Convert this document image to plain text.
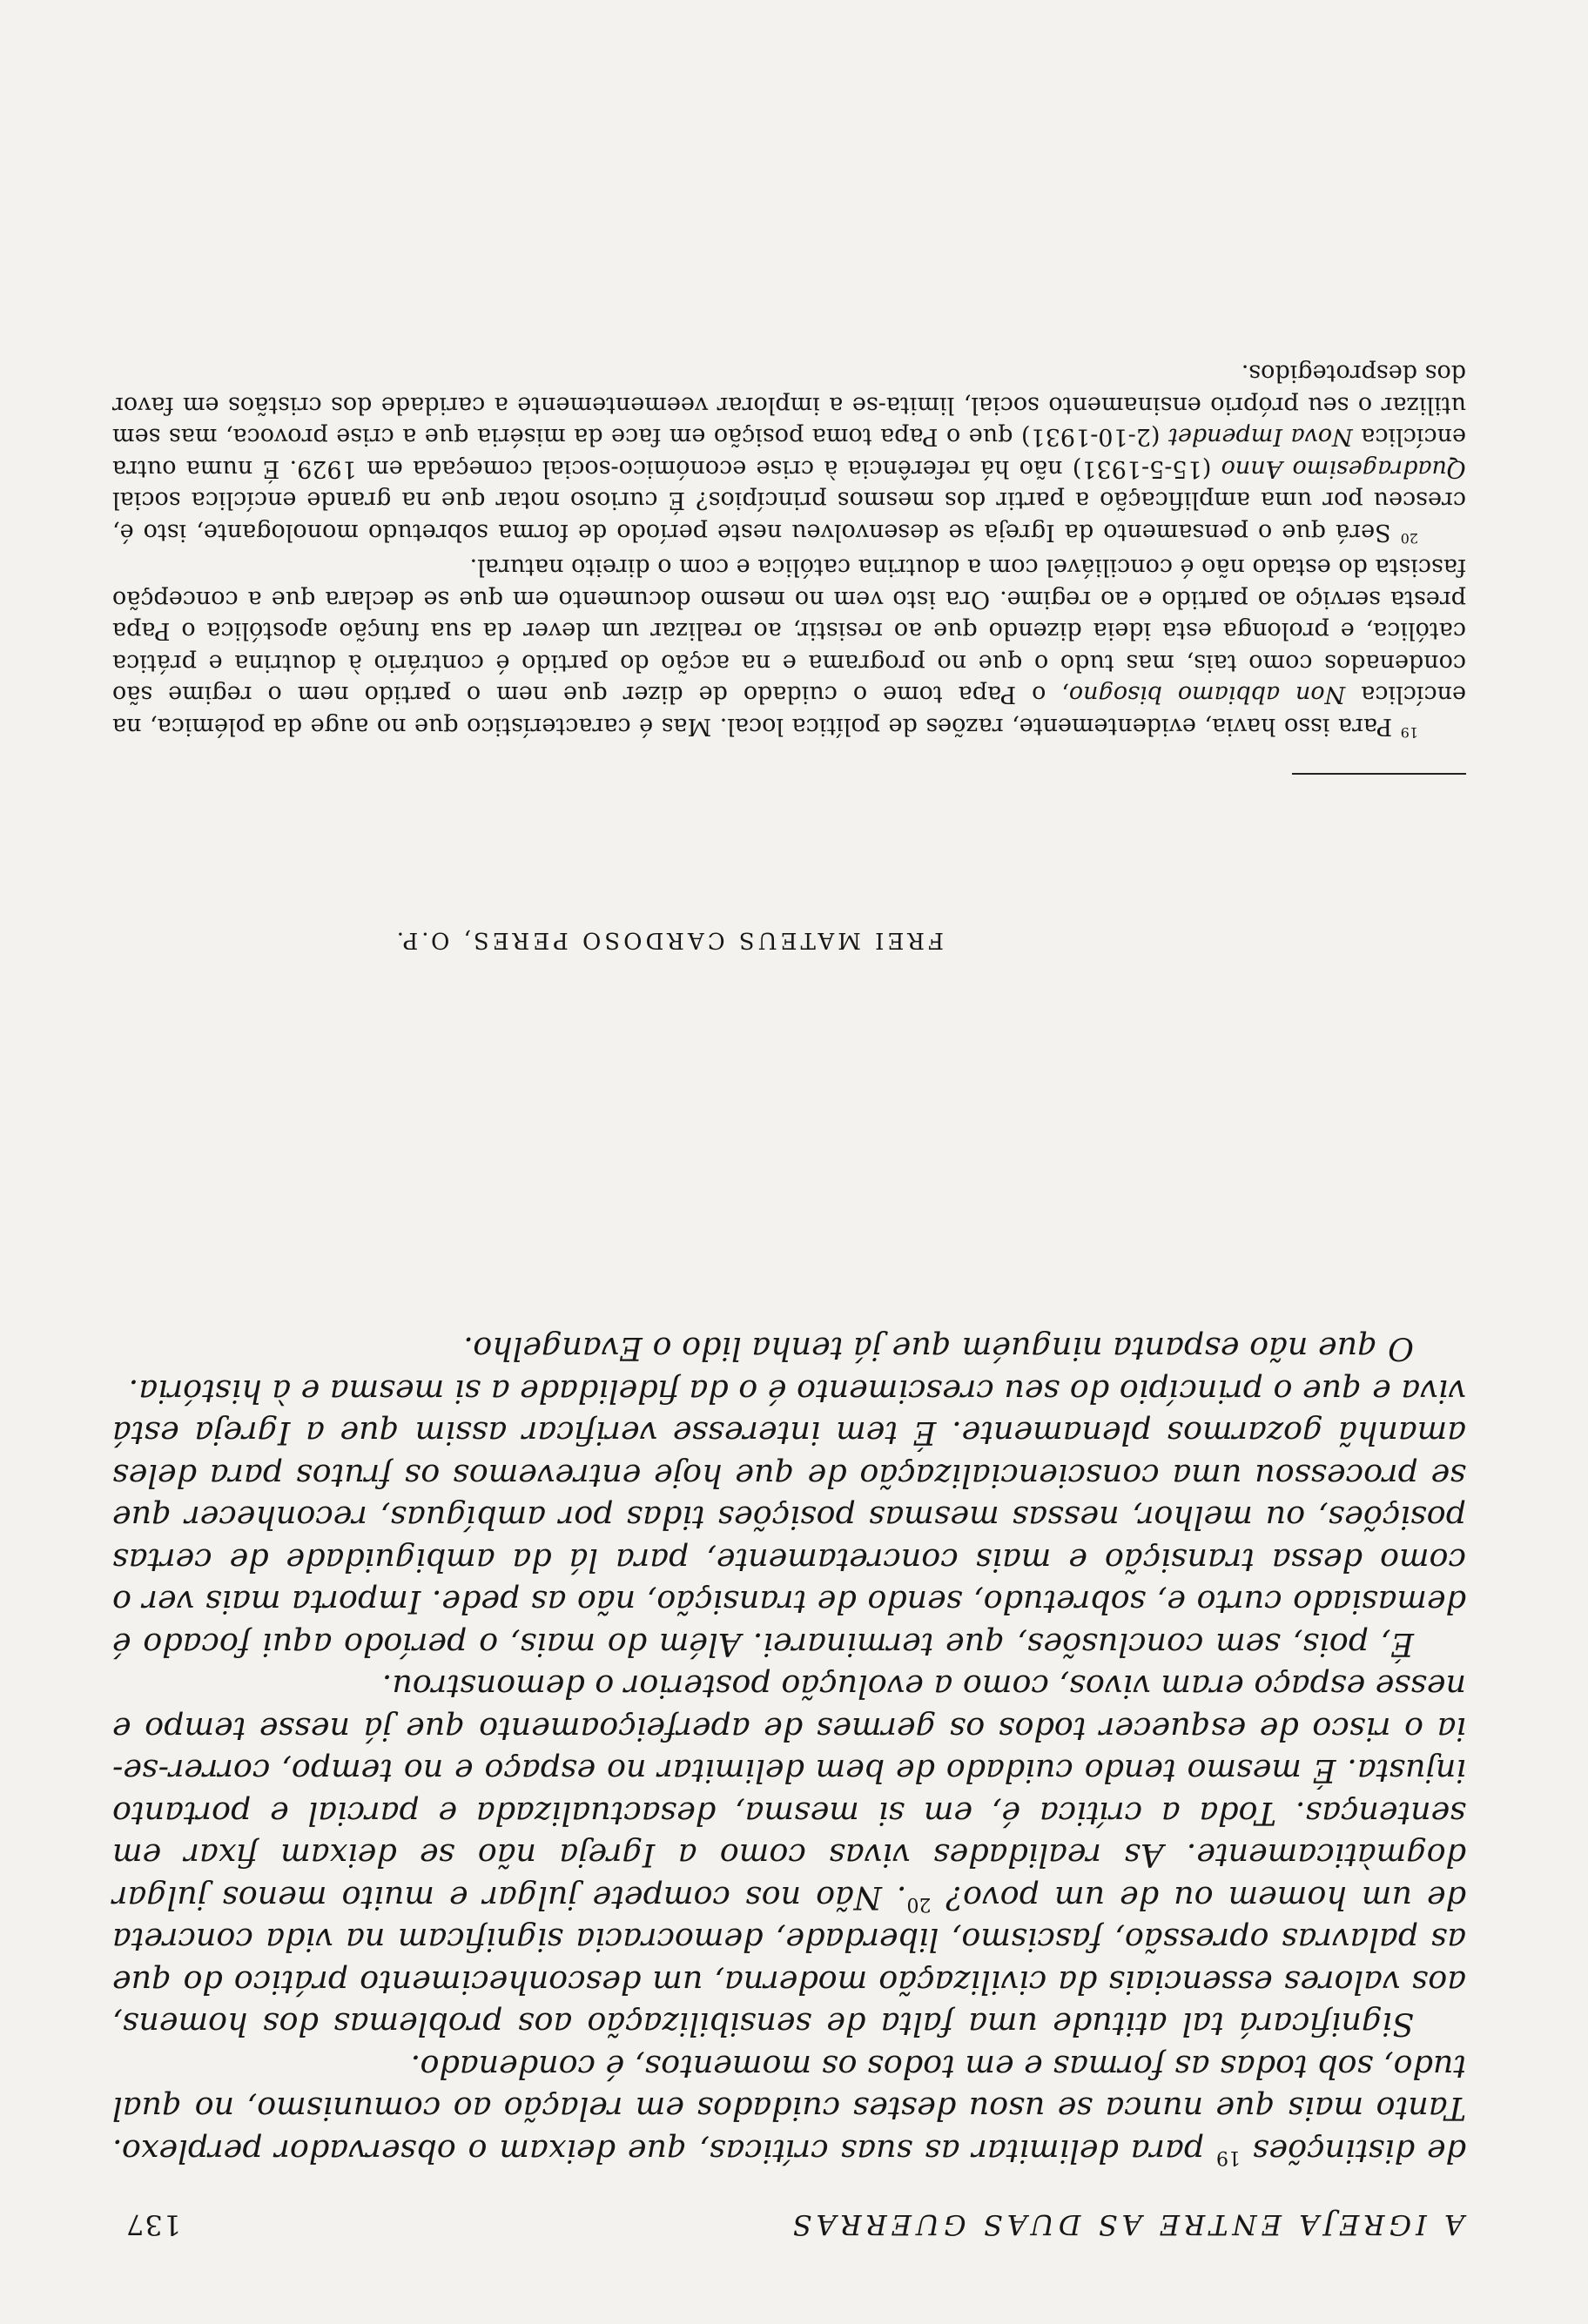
A IGREJA ENTRE AS DUAS GUERRAS
137

de distinções $^{19}$ para delimitar as suas críticas, que deixam o observador perplexo. Tanto mais que nunca se usou destes cuidados em relação ao comunismo, no qual tudo, sob todas as formas e em todos os momentos, é condenado.

Significará tal atitude uma falta de sensibilização aos problemas dos homens, aos valores essenciais da civilização moderna, um desconhecimento prático do que as palavras opressão, fascismo, liberdade, democracia significam na vida concreta de um homem ou de um povo? $^{20}$. Não nos compete julgar e muito menos julgar dogmàticamente. As realidades vivas como a Igreja não se deixam fixar em sentenças. Toda a crítica é, em si mesma, desactualizada e parcial e portanto injusta. É mesmo tendo cuidado de bem delimitar no espaço e no tempo, correr-se-ia o risco de esquecer todos os germes de aperfeiçoamento que já nesse tempo e nesse espaço eram vivos, como a evolução posterior o demonstrou.

É, pois, sem conclusões, que terminarei. Além do mais, o período aqui focado é demasiado curto e, sobretudo, sendo de transição, não as pede. Importa mais ver o como dessa transição e mais concretamente, para lá da ambiguidade de certas posições, ou melhor, nessas mesmas posições tidas por ambíguas, reconhecer que se processou uma consciencialização de que hoje entrevemos os frutos para deles amanhã gozarmos plenamente. É tem interesse verificar assim que a Igreja está viva e que o princípio do seu crescimento é o da fidelidade a si mesma e à história.

O que não espanta ninguém que já tenha lido o Evangelho.

FREI MATEUS CARDOSO PERES, O.P.

$^{19}$ Para isso havia, evidentemente, razões de política local. Mas é característico que no auge da polémica, na encíclica Non abbiamo bisogno, o Papa tome o cuidado de dizer que nem o partido nem o regime são condenados como tais, mas tudo o que no programa e na acção do partido é contrário à doutrina e prática católica, e prolonga esta ideia dizendo que ao resistir, ao realizar um dever da sua função apostólica o Papa presta serviço ao partido e ao regime. Ora isto vem no mesmo documento em que se declara que a concepção fascista do estado não é conciliável com a doutrina católica e com o direito natural.

$^{20}$ Será que o pensamento da Igreja se desenvolveu neste período de forma sobretudo monologante, isto é, cresceu por uma amplificação a partir dos mesmos princípios? É curioso notar que na grande encíclica social Quadragesimo Anno (15-5-1931) não há referência à crise económico-social começada em 1929. É numa outra encíclica Nova Impendet (2-10-1931) que o Papa toma posição em face da miséria que a crise provoca, mas sem utilizar o seu próprio ensinamento social, limita-se a implorar veementemente a caridade dos cristãos em favor dos desprotegidos.
